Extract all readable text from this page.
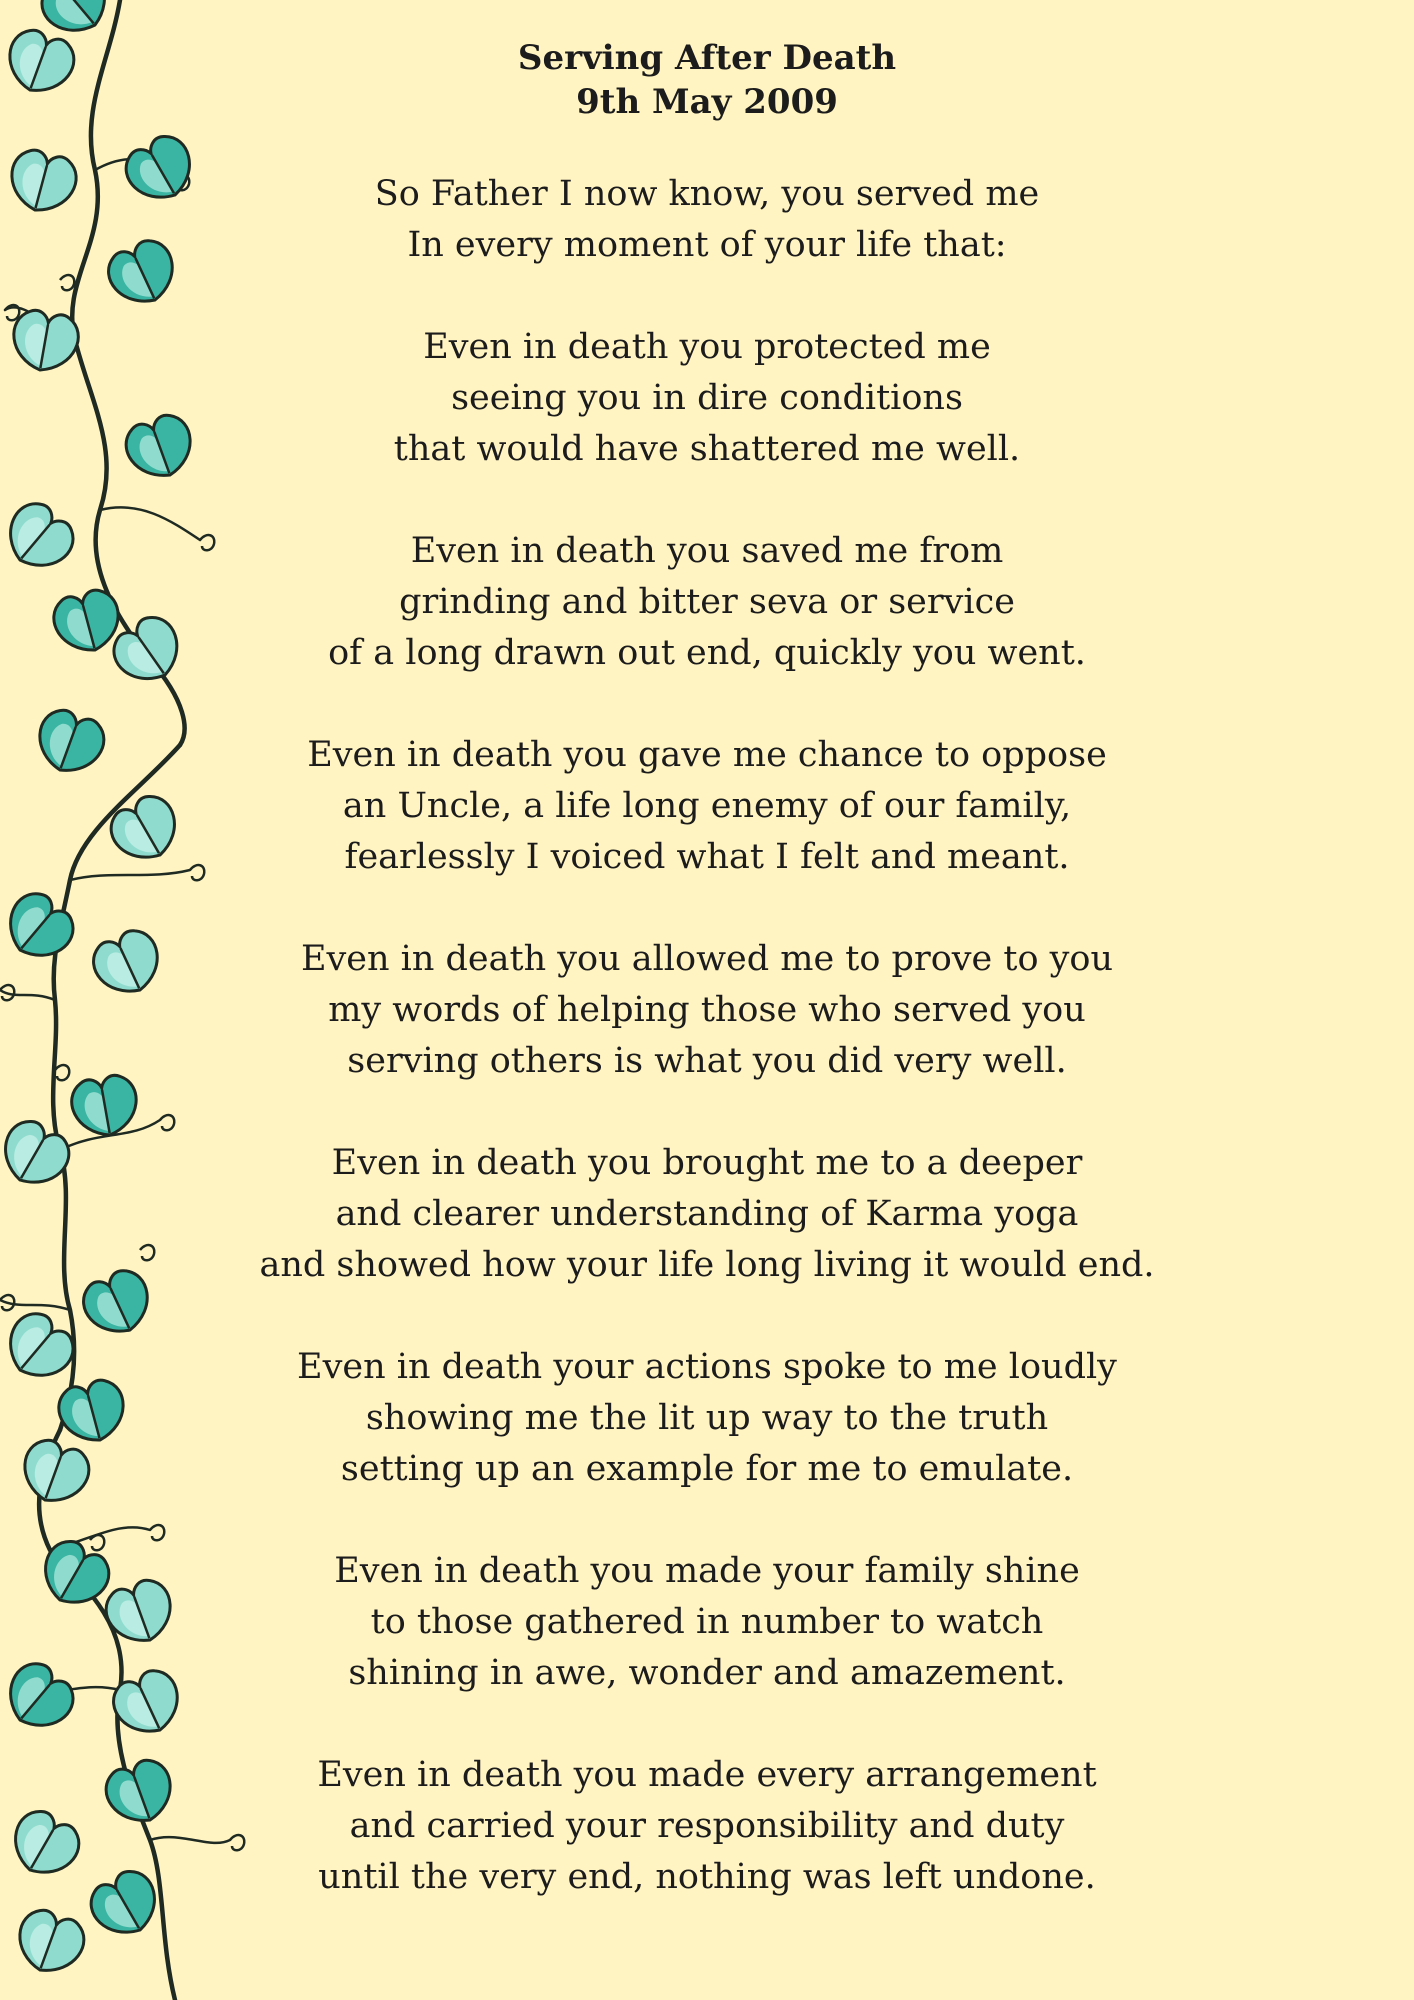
Serving After Death
9th May 2009
So Father I now know, you served me
In every moment of your life that:
Even in death you protected me
seeing you in dire conditions
that would have shattered me well.
Even in death you saved me from
grinding and bitter seva or service
of a long drawn out end, quickly you went.
Even in death you gave me chance to oppose
an Uncle, a life long enemy of our family,
fearlessly I voiced what I felt and meant.
Even in death you allowed me to prove to you
my words of helping those who served you
serving others is what you did very well.
Even in death you brought me to a deeper
and clearer understanding of Karma yoga
and showed how your life long living it would end.
Even in death your actions spoke to me loudly
showing me the lit up way to the truth
setting up an example for me to emulate.
Even in death you made your family shine
to those gathered in number to watch
shining in awe, wonder and amazement.
Even in death you made every arrangement
and carried your responsibility and duty
until the very end, nothing was left undone.
